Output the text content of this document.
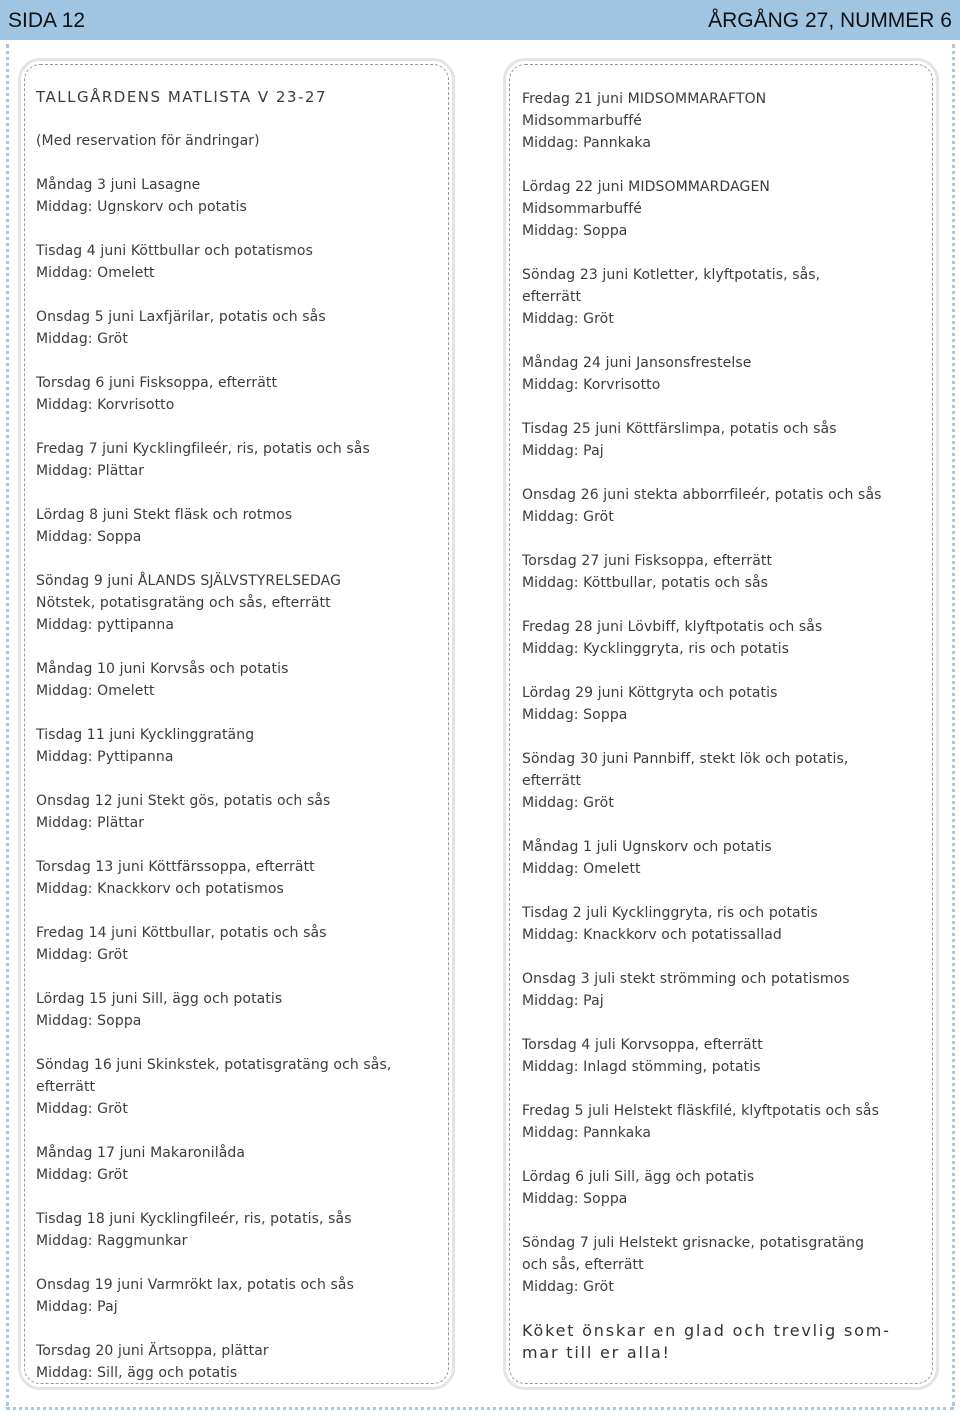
SIDA 12	ÅRGÅNG 27, NUMMER 6
TALLGÅRDENS MATLISTA V 23-27
(Med reservation för ändringar)
Måndag 3 juni Lasagne
Middag: Ugnskorv och potatis
Tisdag 4 juni Köttbullar och potatismos
Middag: Omelett
Onsdag 5 juni Laxfjärilar, potatis och sås
Middag: Gröt
Torsdag 6 juni Fisksoppa, efterrätt
Middag: Korvrisotto
Fredag 7 juni Kycklingfileér, ris, potatis och sås
Middag: Plättar
Lördag 8 juni Stekt fläsk och rotmos
Middag: Soppa
Söndag 9 juni ÅLANDS SJÄLVSTYRELSEDAG
Nötstek, potatisgratäng och sås, efterrätt
Middag: pyttipanna
Måndag 10 juni Korvsås och potatis
Middag: Omelett
Tisdag 11 juni Kycklinggratäng
Middag: Pyttipanna
Onsdag 12 juni Stekt gös, potatis och sås
Middag: Plättar
Torsdag 13 juni Köttfärssoppa, efterrätt
Middag: Knackkorv och potatismos
Fredag 14 juni Köttbullar, potatis och sås
Middag: Gröt
Lördag 15 juni Sill, ägg och potatis
Middag: Soppa
Söndag 16 juni Skinkstek, potatisgratäng och sås,
efterrätt
Middag: Gröt
Måndag 17 juni Makaronilåda
Middag: Gröt
Tisdag 18 juni Kycklingfileér, ris, potatis, sås
Middag: Raggmunkar
Onsdag 19 juni Varmrökt lax, potatis och sås
Middag: Paj
Torsdag 20 juni Ärtsoppa, plättar
Middag: Sill, ägg och potatis
Fredag 21 juni MIDSOMMARAFTON
Midsommarbuffé
Middag: Pannkaka
Lördag 22 juni MIDSOMMARDAGEN
Midsommarbuffé
Middag: Soppa
Söndag 23 juni Kotletter, klyftpotatis, sås,
efterrätt
Middag: Gröt
Måndag 24 juni Jansonsfrestelse
Middag: Korvrisotto
Tisdag 25 juni Köttfärslimpa, potatis och sås
Middag: Paj
Onsdag 26 juni stekta abborrfileér, potatis och sås
Middag: Gröt
Torsdag 27 juni Fisksoppa, efterrätt
Middag: Köttbullar, potatis och sås
Fredag 28 juni Lövbiff, klyftpotatis och sås
Middag: Kycklinggryta, ris och potatis
Lördag 29 juni Köttgryta och potatis
Middag: Soppa
Söndag 30 juni Pannbiff, stekt lök och potatis,
efterrätt
Middag: Gröt
Måndag 1 juli Ugnskorv och potatis
Middag: Omelett
Tisdag 2 juli Kycklinggryta, ris och potatis
Middag: Knackkorv och potatissallad
Onsdag 3 juli stekt strömming och potatismos
Middag: Paj
Torsdag 4 juli Korvsoppa, efterrätt
Middag: Inlagd stömming, potatis
Fredag 5 juli Helstekt fläskfilé, klyftpotatis och sås
Middag: Pannkaka
Lördag 6 juli Sill, ägg och potatis
Middag: Soppa
Söndag 7 juli Helstekt grisnacke, potatisgratäng
och sås, efterrätt
Middag: Gröt
Köket önskar en glad och trevlig som-
mar till er alla!
